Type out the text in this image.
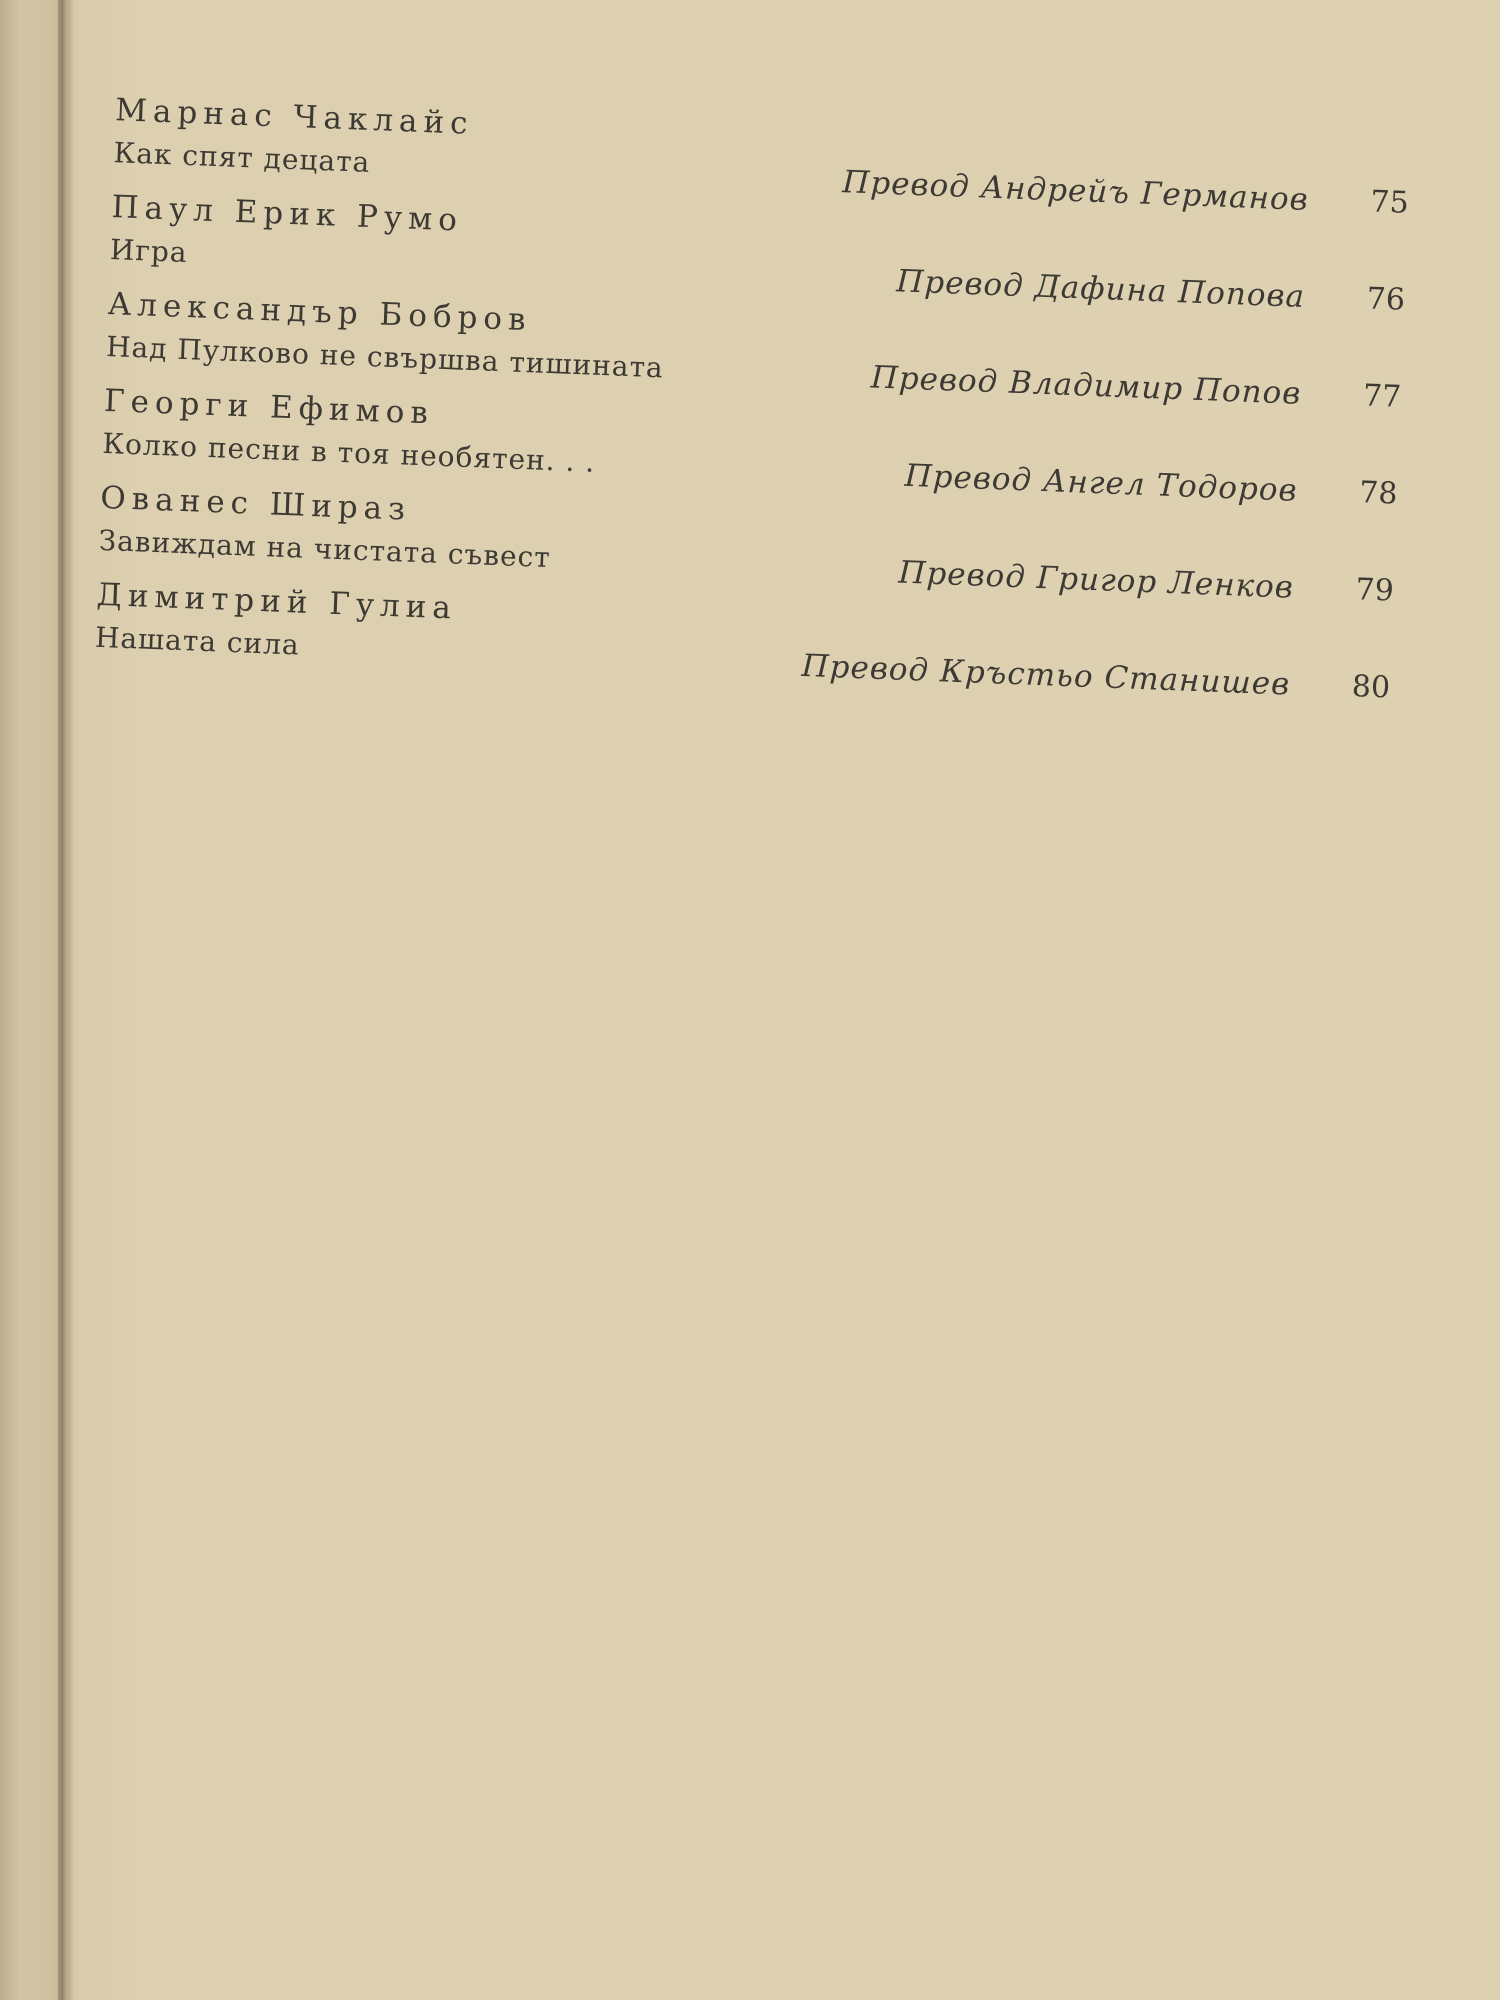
Марнас Чаклайс
Как спят децата
Превод Андрейъ Германов	75
Паул Ерик Румо
Игра
Превод Дафина Попова	76
Александър Бобров
Над Пулково не свършва тишината
Превод Владимир Попов	77
Георги Ефимов
Колко песни в тоя необятен. . .
Превод Ангел Тодоров	78
Ованес Шираз
Завиждам на чистата съвест
Превод Григор Ленков	79
Димитрий Гулиа
Нашата сила
Превод Кръстьо Станишев	80
